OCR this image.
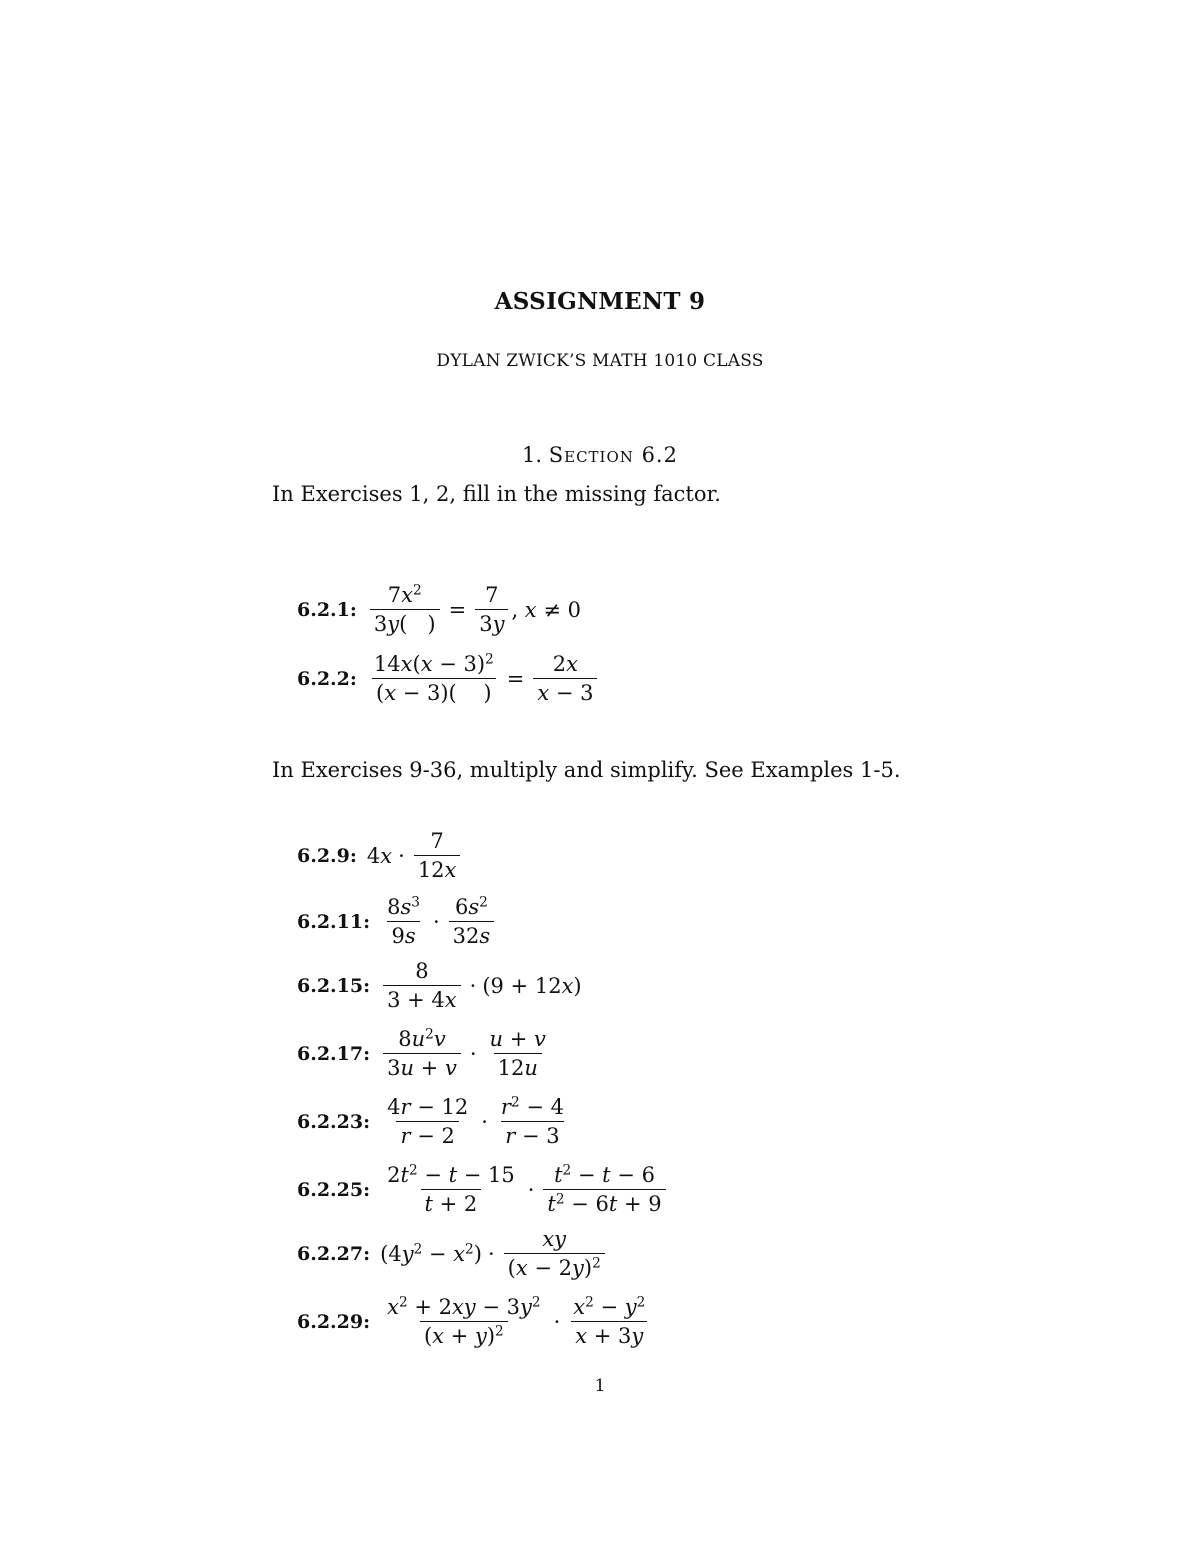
ASSIGNMENT 9
DYLAN ZWICK’S MATH 1010 CLASS
1. Section 6.2
In Exercises 1, 2, fill in the missing factor.
6.2.1: $\frac{7x^2}{3y( )} = \frac{7}{3y}$ , x ≠ 0
6.2.2: $\frac{14x(x - 3)^2}{(x - 3)( )} = \frac{2x}{x - 3}$
In Exercises 9-36, multiply and simplify. See Examples 1-5.
6.2.9: $4x \cdot \frac{7}{12x}$
6.2.11: $\frac{8s^3}{9s} \cdot \frac{6s^2}{32s}$
6.2.15: $\frac{8}{3 + 4x} \cdot (9 + 12x)$
6.2.17: $\frac{8u^2v}{3u + v} \cdot \frac{u + v}{12u}$
6.2.23: $\frac{4r - 12}{r - 2} \cdot \frac{r^2 - 4}{r - 3}$
6.2.25: $\frac{2t^2 - t - 15}{t + 2} \cdot \frac{t^2 - t - 6}{t^2 - 6t + 9}$
6.2.27: $(4y^2 - x^2) \cdot \frac{xy}{(x - 2y)^2}$
6.2.29: $\frac{x^2 + 2xy - 3y^2}{(x + y)^2} \cdot \frac{x^2 - y^2}{x + 3y}$
1
